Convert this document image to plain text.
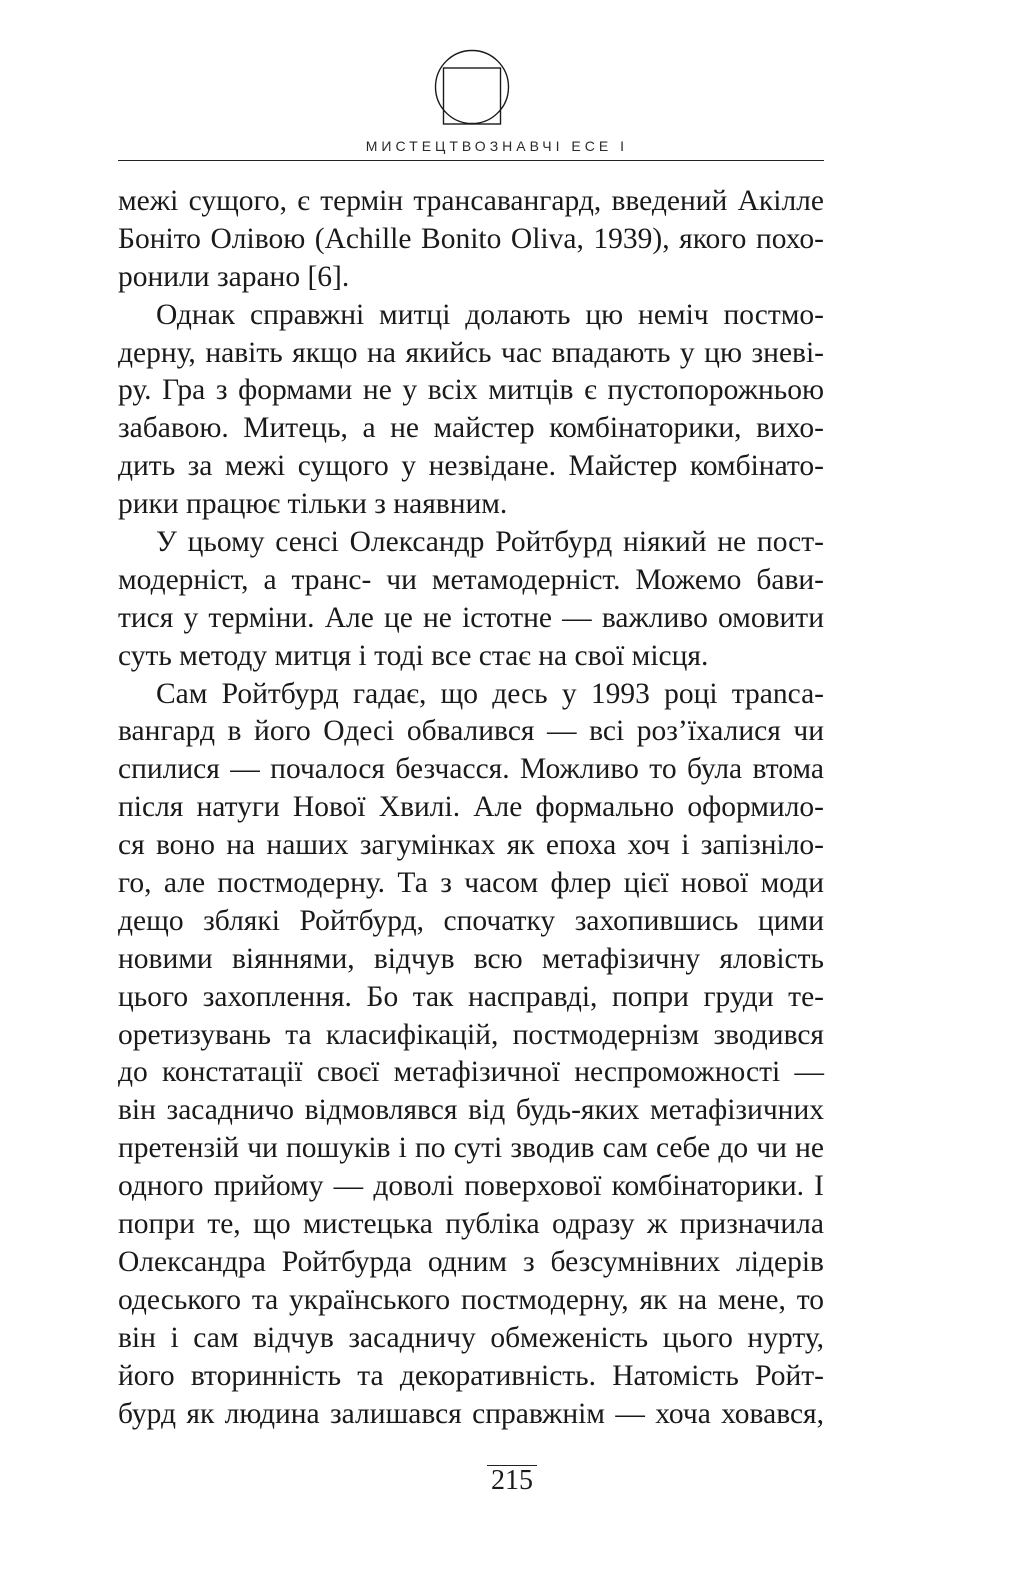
МИСТЕЦТВОЗНАВЧІ ЕСЕ І
межі сущого, є термін трансавангард, введений Акілле
Боніто Олівою (Achille Bonito Oliva, 1939), якого похо-
ронили зарано [6].
Однак справжні митці долають цю неміч постмо-
дерну, навіть якщо на якийсь час впадають у цю зневі-
ру. Гра з формами не у всіх митців є пустопорожньою
забавою. Митець, а не майстер комбінаторики, вихо-
дить за межі сущого у незвідане. Майстер комбінато-
рики працює тільки з наявним.
У цьому сенсі Олександр Ройтбурд ніякий не пост-
модерніст, а транс- чи метамодерніст. Можемо бави-
тися у терміни. Але це не істотне — важливо омовити
суть методу митця і тоді все стає на свої місця.
Сам Ройтбурд гадає, що десь у 1993 році трanса-
вангард в його Одесі обвалився — всі роз’їхалися чи
спилися — почалося безчасся. Можливо то була втома
після натуги Нової Хвилі. Але формально оформило-
ся воно на наших загумінках як епоха хоч і запізніло-
го, але постмодерну. Та з часом флер цієї нової моди
дещо зблякі Ройтбурд, спочатку захопившись цими
новими віяннями, відчув всю метафізичну яловість
цього захоплення. Бо так насправді, попри груди те-
оретизувань та класифікацій, постмодернізм зводився
до констатації своєї метафізичної неспроможності —
він засадничо відмовлявся від будь-яких метафізичних
претензій чи пошуків і по суті зводив сам себе до чи не
одного прийому — доволі поверхової комбінаторики. І
попри те, що мистецька публіка одразу ж призначила
Олександра Ройтбурда одним з безсумнівних лідерів
одеського та українського постмодерну, як на мене, то
він і сам відчув засадничу обмеженість цього нурту,
його вторинність та декоративність. Натомість Ройт-
бурд як людина залишався справжнім — хоча ховався,
215
